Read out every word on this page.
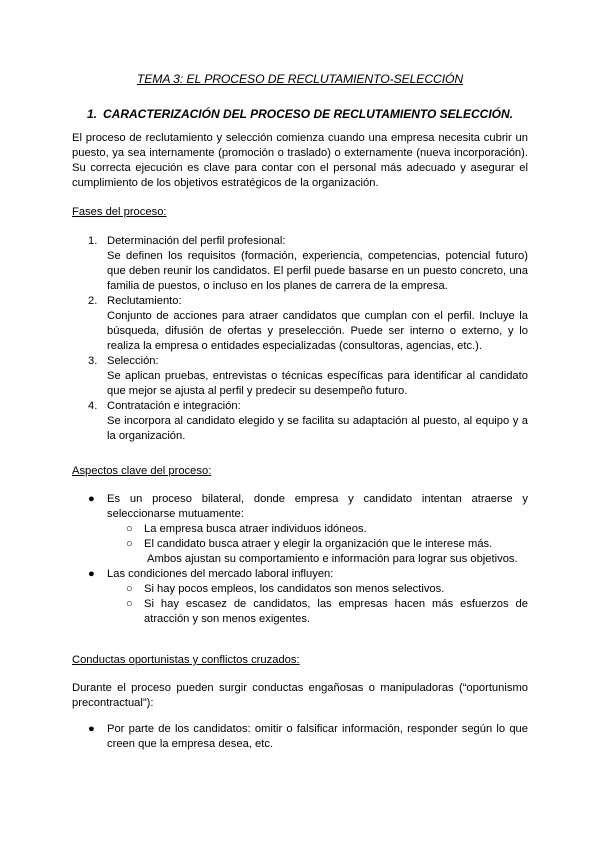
TEMA 3: EL PROCESO DE RECLUTAMIENTO-SELECCIÓN
1. CARACTERIZACIÓN DEL PROCESO DE RECLUTAMIENTO SELECCIÓN.
El proceso de reclutamiento y selección comienza cuando una empresa necesita cubrir un puesto, ya sea internamente (promoción o traslado) o externamente (nueva incorporación). Su correcta ejecución es clave para contar con el personal más adecuado y asegurar el cumplimiento de los objetivos estratégicos de la organización.
Fases del proceso:
1. Determinación del perfil profesional:
Se definen los requisitos (formación, experiencia, competencias, potencial futuro) que deben reunir los candidatos. El perfil puede basarse en un puesto concreto, una familia de puestos, o incluso en los planes de carrera de la empresa.
2. Reclutamiento:
Conjunto de acciones para atraer candidatos que cumplan con el perfil. Incluye la búsqueda, difusión de ofertas y preselección. Puede ser interno o externo, y lo realiza la empresa o entidades especializadas (consultoras, agencias, etc.).
3. Selección:
Se aplican pruebas, entrevistas o técnicas específicas para identificar al candidato que mejor se ajusta al perfil y predecir su desempeño futuro.
4. Contratación e integración:
Se incorpora al candidato elegido y se facilita su adaptación al puesto, al equipo y a la organización.
Aspectos clave del proceso:
● Es un proceso bilateral, donde empresa y candidato intentan atraerse y seleccionarse mutuamente:
○ La empresa busca atraer individuos idóneos.
○ El candidato busca atraer y elegir la organización que le interese más.
Ambos ajustan su comportamiento e información para lograr sus objetivos.
● Las condiciones del mercado laboral influyen:
○ Si hay pocos empleos, los candidatos son menos selectivos.
○ Si hay escasez de candidatos, las empresas hacen más esfuerzos de atracción y son menos exigentes.
Conductas oportunistas y conflictos cruzados:
Durante el proceso pueden surgir conductas engañosas o manipuladoras (“oportunismo precontractual”):
● Por parte de los candidatos: omitir o falsificar información, responder según lo que creen que la empresa desea, etc.
